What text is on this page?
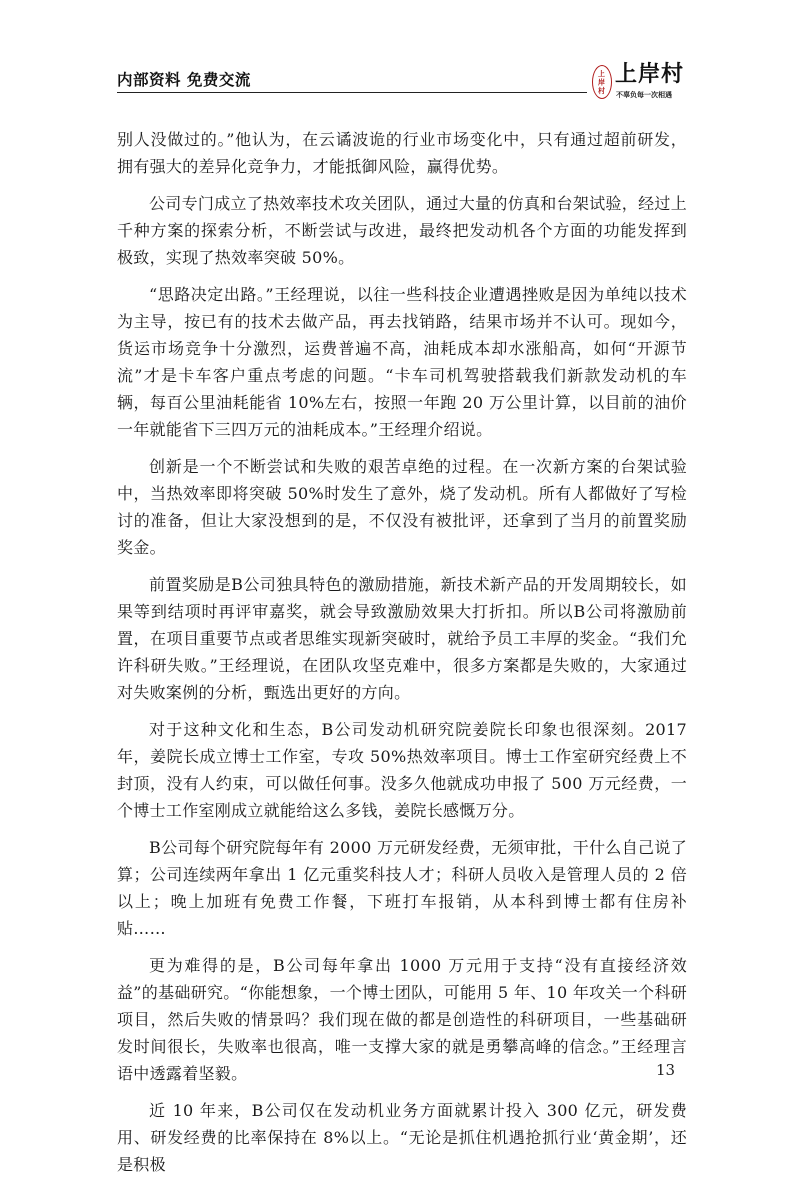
内部资料 免费交流	上
岸
村
上岸村
不辜负每一次相遇

别人没做过的。”他认为，在云谲波诡的行业市场变化中，只有通过超前研发，拥有强大的差异化竞争力，才能抵御风险，赢得优势。

公司专门成立了热效率技术攻关团队，通过大量的仿真和台架试验，经过上千种方案的探索分析，不断尝试与改进，最终把发动机各个方面的功能发挥到极致，实现了热效率突破 50%。

“思路决定出路。”王经理说，以往一些科技企业遭遇挫败是因为单纯以技术为主导，按已有的技术去做产品，再去找销路，结果市场并不认可。现如今，货运市场竞争十分激烈，运费普遍不高，油耗成本却水涨船高，如何“开源节流”才是卡车客户重点考虑的问题。“卡车司机驾驶搭载我们新款发动机的车辆，每百公里油耗能省 10%左右，按照一年跑 20 万公里计算，以目前的油价一年就能省下三四万元的油耗成本。”王经理介绍说。

创新是一个不断尝试和失败的艰苦卓绝的过程。在一次新方案的台架试验中，当热效率即将突破 50%时发生了意外，烧了发动机。所有人都做好了写检讨的准备，但让大家没想到的是，不仅没有被批评，还拿到了当月的前置奖励奖金。

前置奖励是B公司独具特色的激励措施，新技术新产品的开发周期较长，如果等到结项时再评审嘉奖，就会导致激励效果大打折扣。所以B公司将激励前置，在项目重要节点或者思维实现新突破时，就给予员工丰厚的奖金。“我们允许科研失败。”王经理说，在团队攻坚克难中，很多方案都是失败的，大家通过对失败案例的分析，甄选出更好的方向。

对于这种文化和生态，B公司发动机研究院姜院长印象也很深刻。2017 年，姜院长成立博士工作室，专攻 50%热效率项目。博士工作室研究经费上不封顶，没有人约束，可以做任何事。没多久他就成功申报了 500 万元经费，一个博士工作室刚成立就能给这么多钱，姜院长感慨万分。

B公司每个研究院每年有 2000 万元研发经费，无须审批，干什么自己说了算；公司连续两年拿出 1 亿元重奖科技人才；科研人员收入是管理人员的 2 倍以上；晚上加班有免费工作餐，下班打车报销，从本科到博士都有住房补贴……

更为难得的是，B公司每年拿出 1000 万元用于支持“没有直接经济效益”的基础研究。“你能想象，一个博士团队，可能用 5 年、10 年攻关一个科研项目，然后失败的情景吗？我们现在做的都是创造性的科研项目，一些基础研发时间很长，失败率也很高，唯一支撑大家的就是勇攀高峰的信念。”王经理言语中透露着坚毅。

近 10 年来，B公司仅在发动机业务方面就累计投入 300 亿元，研发费用、研发经费的比率保持在 8%以上。“无论是抓住机遇抢抓行业‘黄金期’，还是积极

13
